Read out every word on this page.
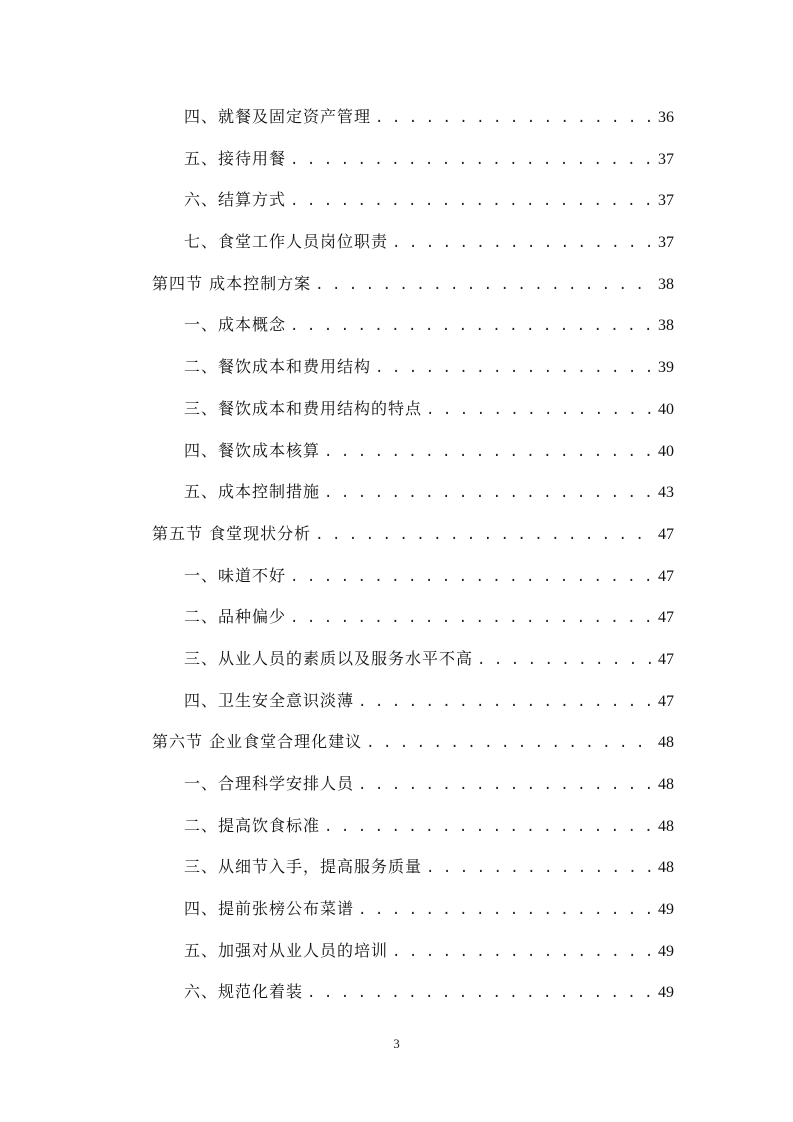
四、就餐及固定资产管理 . . .	36
五、接待用餐 . . .	37
六、结算方式 . . .	37
七、食堂工作人员岗位职责 . . .	37
第四节 成本控制方案 . . .	38
一、成本概念 . . .	38
二、餐饮成本和费用结构 . . .	39
三、餐饮成本和费用结构的特点 . . .	40
四、餐饮成本核算 . . .	40
五、成本控制措施 . . .	43
第五节 食堂现状分析 . . .	47
一、味道不好 . . .	47
二、品种偏少 . . .	47
三、从业人员的素质以及服务水平不高 . . .	47
四、卫生安全意识淡薄 . . .	47
第六节 企业食堂合理化建议 . . .	48
一、合理科学安排人员 . . .	48
二、提高饮食标准 . . .	48
三、从细节入手，提高服务质量 . . .	48
四、提前张榜公布菜谱 . . .	49
五、加强对从业人员的培训 . . .	49
六、规范化着装 . . .	49
3
